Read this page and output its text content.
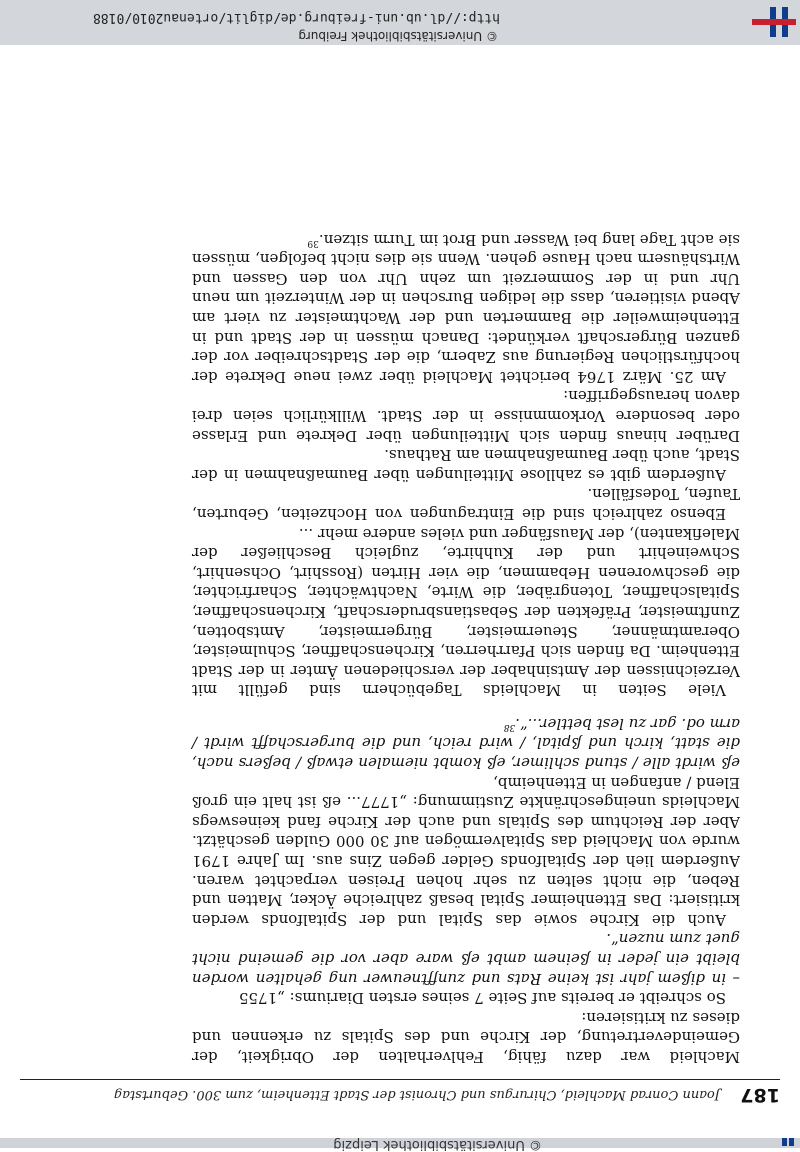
© Universitätsbibliothek Leipzig
187
Joann Conrad Machleid, Chirurgus und Chronist der Stadt Ettenheim, zum 300. Geburtstag

Machleid war dazu fähig, Fehlverhalten der Obrigkeit, der Gemeindevertretung, der Kirche und des Spitals zu erkennen und dieses zu kritisieren:

So schreibt er bereits auf Seite 7 seines ersten Diariums: „1755

– in dißem jahr ist keine Rats und zunfftneuwer ung gehalten worden bleibt ein jeder in ßeinem ambt eß ware aber vor die gemeind nicht guet zum nuzen“.

Auch die Kirche sowie das Spital und der Spitalfonds werden kritisiert: Das Ettenheimer Spital besaß zahlreiche Äcker, Matten und Reben, die nicht selten zu sehr hohen Preisen verpachtet waren. Außerdem lieh der Spitalfonds Gelder gegen Zins aus. Im Jahre 1791 wurde von Machleid das Spitalvermögen auf 30 000 Gulden geschätzt. Aber der Reichtum des Spitals und auch der Kirche fand keineswegs Machleids uneingeschränkte Zustimmung: „1777... eß ist halt ein groß Elend / anfangen in Ettenheimb,

eß wirdt alle / stund schlimer, eß kombt niemalen etwaß / beßers nach, die statt, kirch und ßpital, / wird reich, und die burgerschafft wirdt / arm od. gar zu lest bettler...“.$^{38}$

Viele Seiten in Machleids Tagebüchern sind gefüllt mit Verzeichnissen der Amtsinhaber der verschiedenen Ämter in der Stadt Ettenheim. Da finden sich Pfarrherren, Kirchenschaffner, Schulmeister, Oberamtmänner, Steuermeister, Bürgermeister, Amtsbotten, Zunftmeister, Präfekten der Sebastiansbruderschaft, Kirchenschaffner, Spitalschaffner, Totengräber, die Wirte, Nachtwächter, Scharfrichter, die geschworenen Hebammen, die vier Hirten (Rosshirt, Ochsenhirt, Schweinehirt und der Kuhhirte, zugleich Beschließer der Malefikanten), der Mausfänger und vieles andere mehr ...

Ebenso zahlreich sind die Eintragungen von Hochzeiten, Geburten, Taufen, Todesfällen.

Außerdem gibt es zahllose Mitteilungen über Baumaßnahmen in der Stadt, auch über Baumaßnahmen am Rathaus.

Darüber hinaus finden sich Mitteilungen über Dekrete und Erlasse oder besondere Vorkommnisse in der Stadt. Willkürlich seien drei davon herausgegriffen:

Am 25. März 1764 berichtet Machleid über zwei neue Dekrete der hochfürstlichen Regierung aus Zabern, die der Stadtschreiber vor der ganzen Bürgerschaft verkündet: Danach müssen in der Stadt und in Ettenheimweiler die Bammerten und der Wachtmeister zu viert am Abend visitieren, dass die ledigen Burschen in der Winterzeit um neun Uhr und in der Sommerzeit um zehn Uhr von den Gassen und Wirtshäusern nach Hause gehen. Wenn sie dies nicht befolgen, müssen sie acht Tage lang bei Wasser und Brot im Turm sitzen.$^{39}$

© Universitätsbibliothek Freiburg
http://dl.ub.uni-freiburg.de/diglit/ortenau2010/0188
